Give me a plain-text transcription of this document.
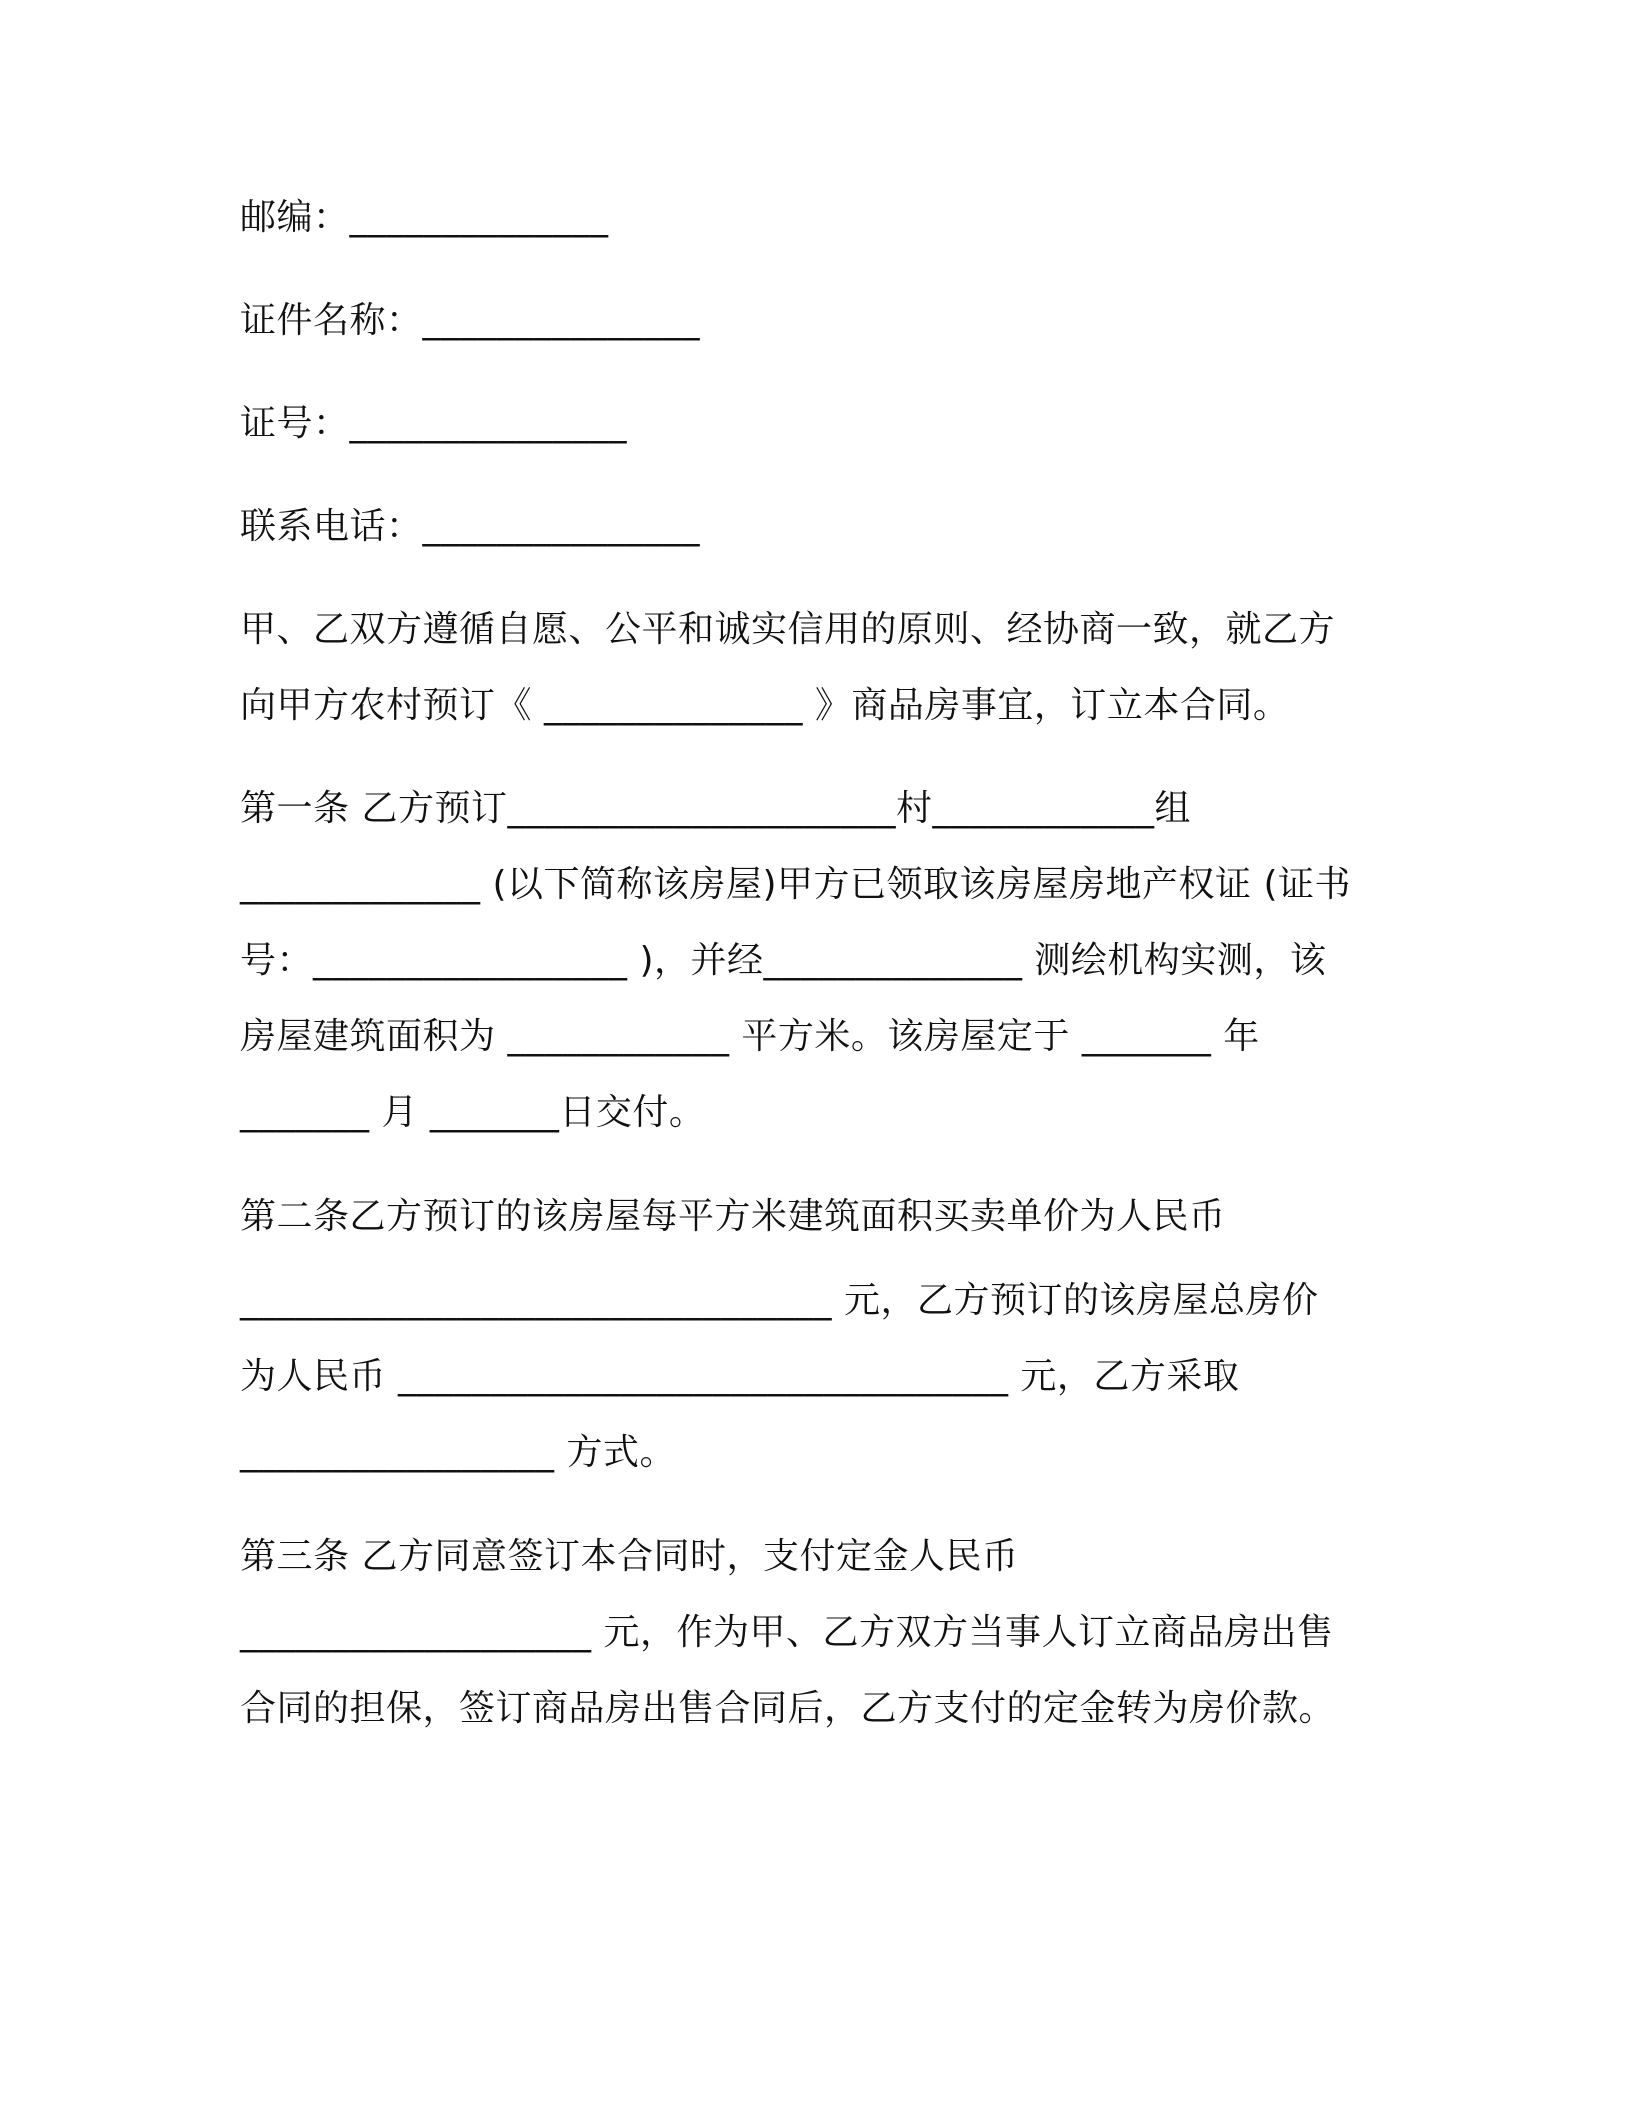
邮编：______________
证件名称：_______________
证号：_______________
联系电话：_______________
甲、乙双方遵循自愿、公平和诚实信用的原则、经协商一致，就乙方
向甲方农村预订《 ______________ 》商品房事宜，订立本合同。
第一条 乙方预订_____________________村____________组
_____________ (以下简称该房屋)甲方已领取该房屋房地产权证 (证书
号：_________________ )，并经______________ 测绘机构实测，该
房屋建筑面积为 ____________ 平方米。该房屋定于 _______ 年
_______ 月 _______日交付。
第二条乙方预订的该房屋每平方米建筑面积买卖单价为人民币
________________________________ 元，乙方预订的该房屋总房价
为人民币 _________________________________ 元，乙方采取
_________________ 方式。
第三条 乙方同意签订本合同时，支付定金人民币
___________________ 元，作为甲、乙方双方当事人订立商品房出售
合同的担保，签订商品房出售合同后，乙方支付的定金转为房价款。
